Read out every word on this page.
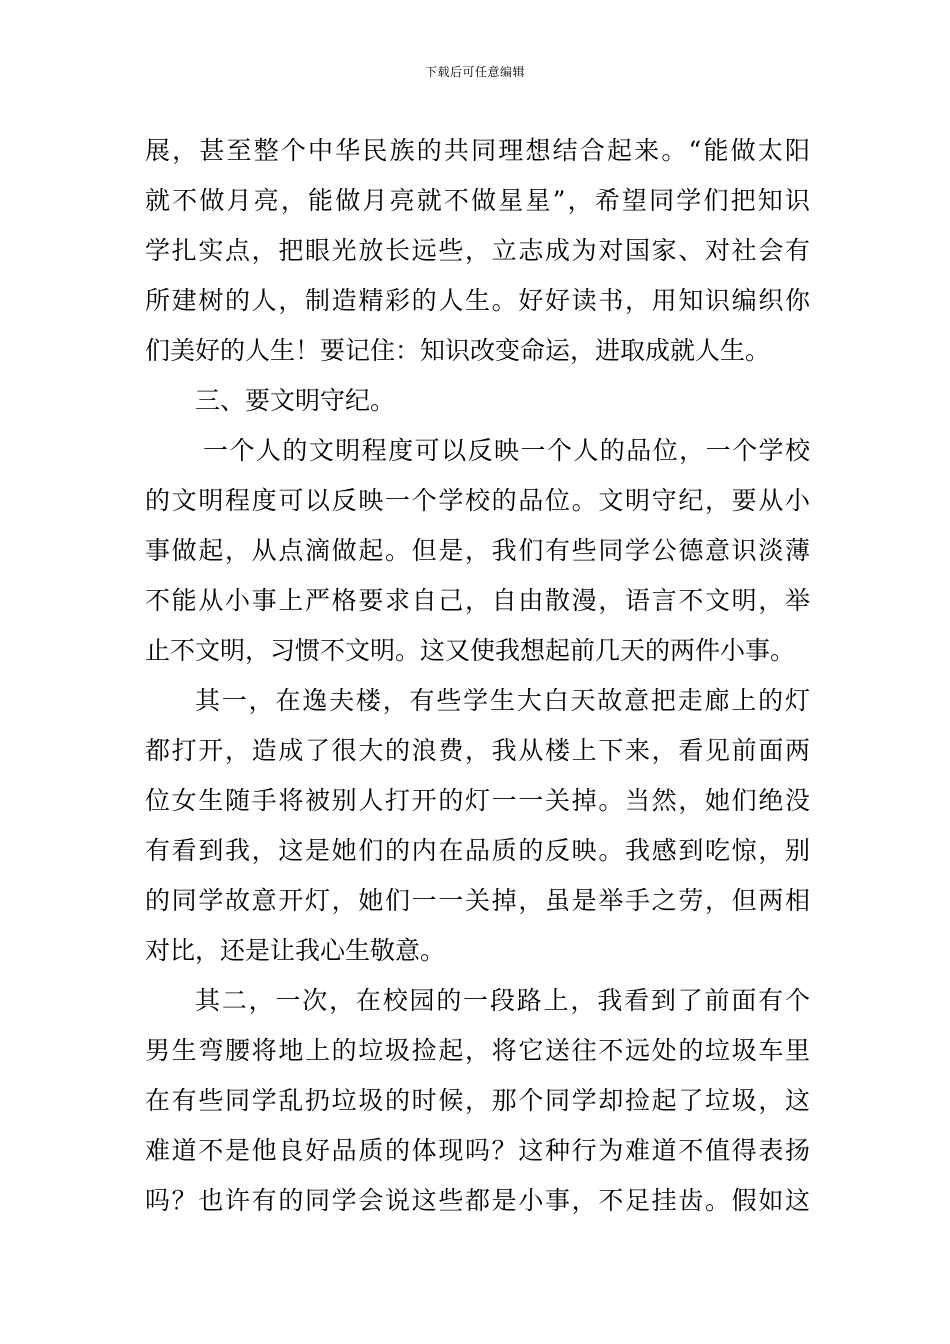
下载后可任意编辑
展，甚至整个中华民族的共同理想结合起来。“能做太阳
就不做月亮，能做月亮就不做星星”，希望同学们把知识
学扎实点，把眼光放长远些，立志成为对国家、对社会有
所建树的人，制造精彩的人生。好好读书，用知识编织你
们美好的人生！要记住：知识改变命运，进取成就人生。
三、要文明守纪。
一个人的文明程度可以反映一个人的品位，一个学校
的文明程度可以反映一个学校的品位。文明守纪，要从小
事做起，从点滴做起。但是，我们有些同学公德意识淡薄
不能从小事上严格要求自己，自由散漫，语言不文明，举
止不文明，习惯不文明。这又使我想起前几天的两件小事。
其一，在逸夫楼，有些学生大白天故意把走廊上的灯
都打开，造成了很大的浪费，我从楼上下来，看见前面两
位女生随手将被别人打开的灯一一关掉。当然，她们绝没
有看到我，这是她们的内在品质的反映。我感到吃惊，别
的同学故意开灯，她们一一关掉，虽是举手之劳，但两相
对比，还是让我心生敬意。
其二，一次，在校园的一段路上，我看到了前面有个
男生弯腰将地上的垃圾捡起，将它送往不远处的垃圾车里
在有些同学乱扔垃圾的时候，那个同学却捡起了垃圾，这
难道不是他良好品质的体现吗？这种行为难道不值得表扬
吗？也许有的同学会说这些都是小事，不足挂齿。假如这
